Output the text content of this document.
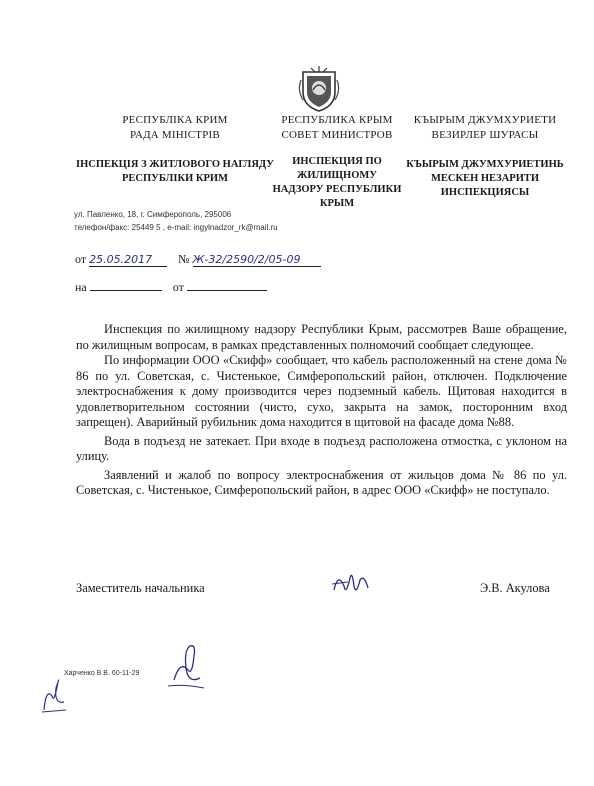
РЕСПУБЛІКА КРИМ
РАДА МІНІСТРІВ
ІНСПЕКЦІЯ З ЖИТЛОВОГО НАГЛЯДУ
РЕСПУБЛІКИ КРИМ
РЕСПУБЛИКА КРЫМ
СОВЕТ МИНИСТРОВ
ИНСПЕКЦИЯ ПО
ЖИЛИЩНОМУ
НАДЗОРУ РЕСПУБЛИКИ
КРЫМ
КЪЫРЫМ ДЖУМХУРИЕТИ
ВЕЗИРЛЕР ШУРАСЫ
КЪЫРЫМ ДЖУМХУРИЕТИНЬ
МЕСКЕН НЕЗАРИТИ
ИНСПЕКЦИЯСЫ
ул. Павленко, 18, г. Симферополь, 295006
телефон/факс: 25449 5 , e-mail: ingylnadzor_rk@mail.ru
от 25.05.2017 № Ж-32/2590/2/05-09
на	от

Инспекция по жилищному надзору Республики Крым, рассмотрев Ваше обращение, по жилищным вопросам, в рамках представленных полномочий сообщает следующее.

По информации ООО «Скифф» сообщает, что кабель расположенный на стене дома № 86 по ул. Советская, с. Чистенькое, Симферопольский район, отключен. Подключение электроснабжения к дому производится через подземный кабель. Щитовая находится в удовлетворительном состоянии (чисто, сухо, закрыта на замок, посторонним вход запрещен). Аварийный рубильник дома находится в щитовой на фасаде дома №88.

Вода в подъезд не затекает. При входе в подъезд расположена отмостка, с уклоном на улицу.

Заявлений и жалоб по вопросу электроснабжения от жильцов дома № 86 по ул. Советская, с. Чистенькое, Симферопольский район, в адрес ООО «Скифф» не поступало.

Заместитель начальника	Э.В. Акулова
Харченко В.В. 60-11-29
